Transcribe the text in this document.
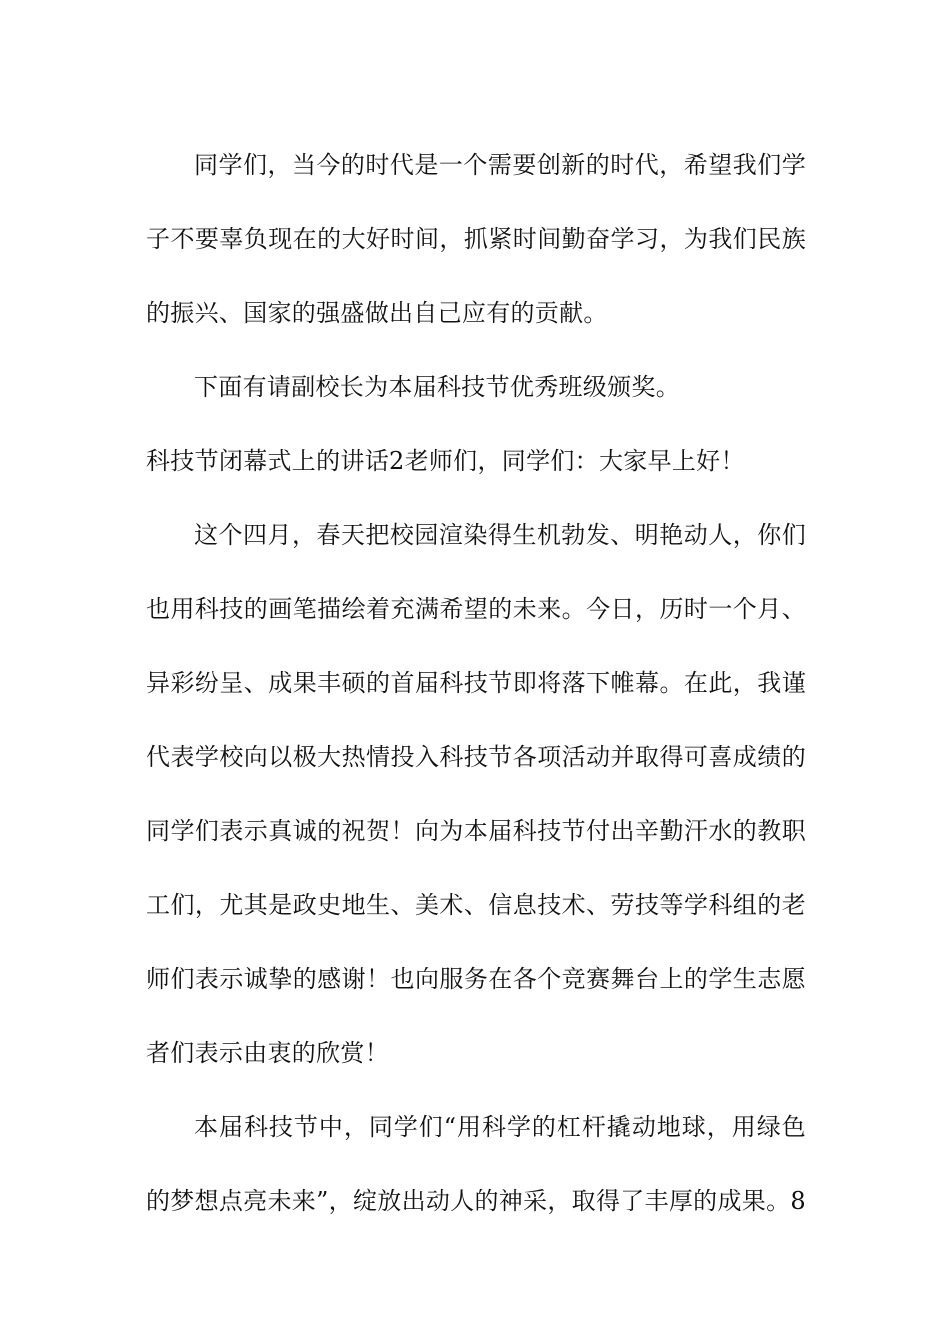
同学们，当今的时代是一个需要创新的时代，希望我们学子不要辜负现在的大好时间，抓紧时间勤奋学习，为我们民族的振兴、国家的强盛做出自己应有的贡献。

下面有请副校长为本届科技节优秀班级颁奖。

科技节闭幕式上的讲话2老师们，同学们：大家早上好！

这个四月，春天把校园渲染得生机勃发、明艳动人，你们也用科技的画笔描绘着充满希望的未来。今日，历时一个月、异彩纷呈、成果丰硕的首届科技节即将落下帷幕。在此，我谨代表学校向以极大热情投入科技节各项活动并取得可喜成绩的同学们表示真诚的祝贺！向为本届科技节付出辛勤汗水的教职工们，尤其是政史地生、美术、信息技术、劳技等学科组的老师们表示诚挚的感谢！也向服务在各个竞赛舞台上的学生志愿者们表示由衷的欣赏！

本届科技节中，同学们“用科学的杠杆撬动地球，用绿色的梦想点亮未来”，绽放出动人的神采，取得了丰厚的成果。8
